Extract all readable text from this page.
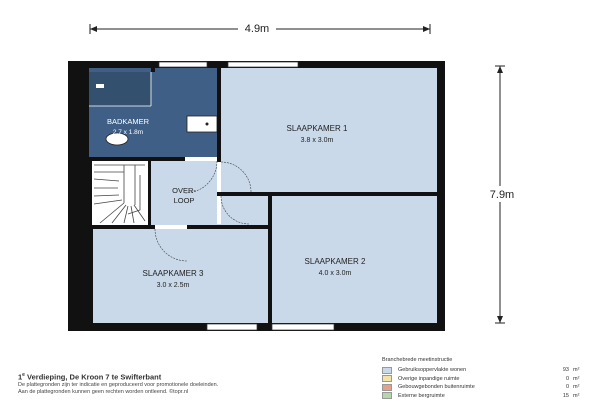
4.9m
7.9m
BADKAMER
2.7 x 1.8m	SLAAPKAMER 1
3.8 x 3.0m
OVER-
LOOP
SLAAPKAMER 2
4.0 x 3.0m
SLAAPKAMER 3
3.0 x 2.5m
1e Verdieping, De Kroon 7 te Swifterbant
De plattegronden zijn ter indicatie en geproduceerd voor promotionele doeleinden.
Aan de plattegronden kunnen geen rechten worden ontleend. ©topr.nl
Branchebrede meetinstructie
Gebruiksoppervlakte wonen	93 m²
Overige inpandige ruimte	0 m²
Gebouwgebonden buitenruimte	0 m²
Externe bergruimte	15 m²
